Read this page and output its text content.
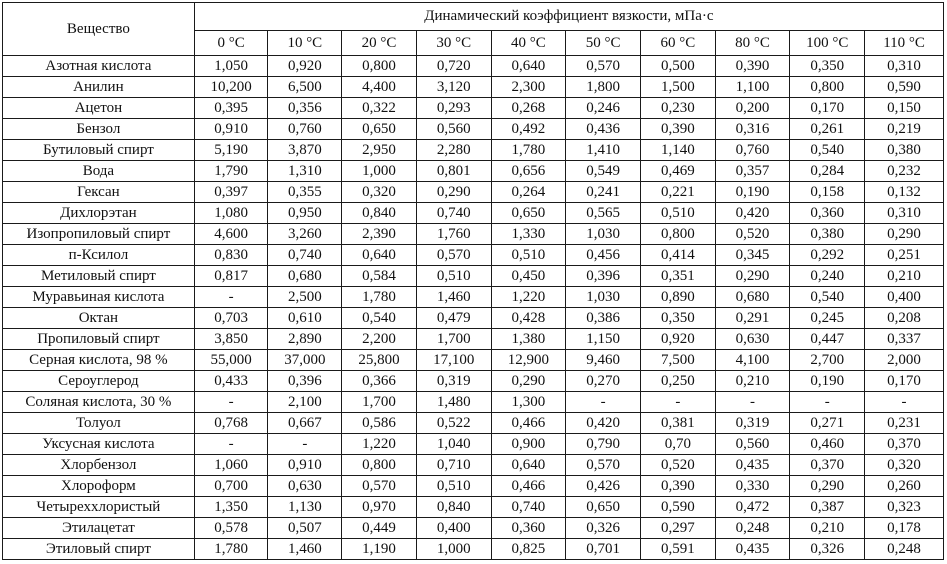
Вещество	Динамический коэффициент вязкости, мПа·с									
	0 °C	10 °C	20 °C	30 °C	40 °C	50 °C	60 °C	80 °C	100 °C	110 °C
Азотная кислота	1,050	0,920	0,800	0,720	0,640	0,570	0,500	0,390	0,350	0,310
Анилин	10,200	6,500	4,400	3,120	2,300	1,800	1,500	1,100	0,800	0,590
Ацетон	0,395	0,356	0,322	0,293	0,268	0,246	0,230	0,200	0,170	0,150
Бензол	0,910	0,760	0,650	0,560	0,492	0,436	0,390	0,316	0,261	0,219
Бутиловый спирт	5,190	3,870	2,950	2,280	1,780	1,410	1,140	0,760	0,540	0,380
Вода	1,790	1,310	1,000	0,801	0,656	0,549	0,469	0,357	0,284	0,232
Гексан	0,397	0,355	0,320	0,290	0,264	0,241	0,221	0,190	0,158	0,132
Дихлорэтан	1,080	0,950	0,840	0,740	0,650	0,565	0,510	0,420	0,360	0,310
Изопропиловый спирт	4,600	3,260	2,390	1,760	1,330	1,030	0,800	0,520	0,380	0,290
п-Ксилол	0,830	0,740	0,640	0,570	0,510	0,456	0,414	0,345	0,292	0,251
Метиловый спирт	0,817	0,680	0,584	0,510	0,450	0,396	0,351	0,290	0,240	0,210
Муравьиная кислота	-	2,500	1,780	1,460	1,220	1,030	0,890	0,680	0,540	0,400
Октан	0,703	0,610	0,540	0,479	0,428	0,386	0,350	0,291	0,245	0,208
Пропиловый спирт	3,850	2,890	2,200	1,700	1,380	1,150	0,920	0,630	0,447	0,337
Серная кислота, 98 %	55,000	37,000	25,800	17,100	12,900	9,460	7,500	4,100	2,700	2,000
Сероуглерод	0,433	0,396	0,366	0,319	0,290	0,270	0,250	0,210	0,190	0,170
Соляная кислота, 30 %	-	2,100	1,700	1,480	1,300	-	-	-	-	-
Толуол	0,768	0,667	0,586	0,522	0,466	0,420	0,381	0,319	0,271	0,231
Уксусная кислота	-	-	1,220	1,040	0,900	0,790	0,70	0,560	0,460	0,370
Хлорбензол	1,060	0,910	0,800	0,710	0,640	0,570	0,520	0,435	0,370	0,320
Хлороформ	0,700	0,630	0,570	0,510	0,466	0,426	0,390	0,330	0,290	0,260
Четыреххлористый	1,350	1,130	0,970	0,840	0,740	0,650	0,590	0,472	0,387	0,323
Этилацетат	0,578	0,507	0,449	0,400	0,360	0,326	0,297	0,248	0,210	0,178
Этиловый спирт	1,780	1,460	1,190	1,000	0,825	0,701	0,591	0,435	0,326	0,248
